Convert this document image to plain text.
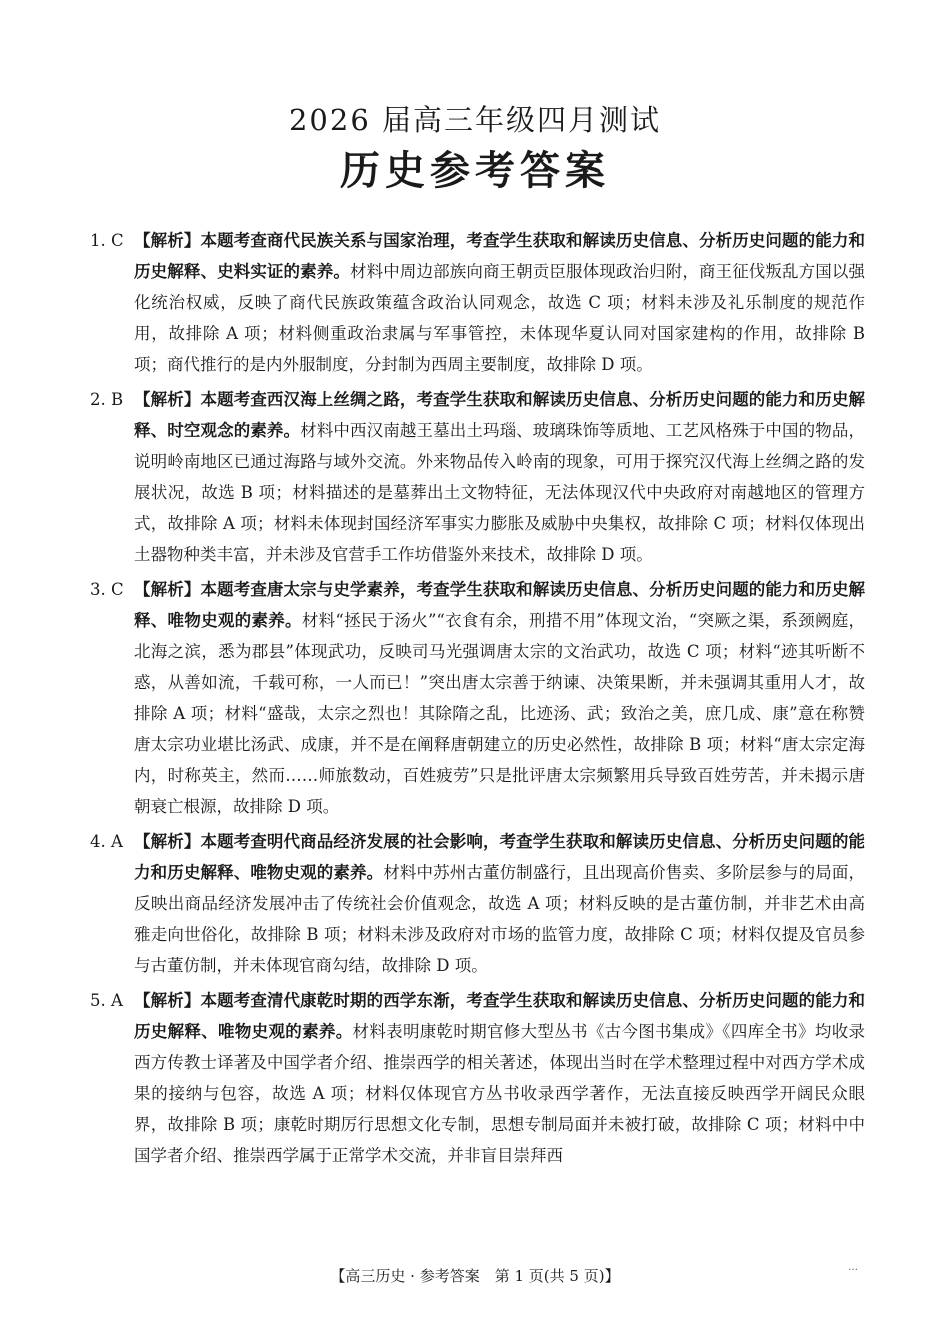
2026 届高三年级四月测试
历史参考答案
1. C 【解析】本题考查商代民族关系与国家治理，考查学生获取和解读历史信息、分析历史问题的能力和历史解释、史料实证的素养。材料中周边部族向商王朝贡臣服体现政治归附，商王征伐叛乱方国以强化统治权威，反映了商代民族政策蕴含政治认同观念，故选 C 项；材料未涉及礼乐制度的规范作用，故排除 A 项；材料侧重政治隶属与军事管控，未体现华夏认同对国家建构的作用，故排除 B 项；商代推行的是内外服制度，分封制为西周主要制度，故排除 D 项。
2. B 【解析】本题考查西汉海上丝绸之路，考查学生获取和解读历史信息、分析历史问题的能力和历史解释、时空观念的素养。材料中西汉南越王墓出土玛瑙、玻璃珠饰等质地、工艺风格殊于中国的物品，说明岭南地区已通过海路与域外交流。外来物品传入岭南的现象，可用于探究汉代海上丝绸之路的发展状况，故选 B 项；材料描述的是墓葬出土文物特征，无法体现汉代中央政府对南越地区的管理方式，故排除 A 项；材料未体现封国经济军事实力膨胀及威胁中央集权，故排除 C 项；材料仅体现出土器物种类丰富，并未涉及官营手工作坊借鉴外来技术，故排除 D 项。
3. C 【解析】本题考查唐太宗与史学素养，考查学生获取和解读历史信息、分析历史问题的能力和历史解释、唯物史观的素养。材料“拯民于汤火”“衣食有余，刑措不用”体现文治，“突厥之渠，系颈阙庭，北海之滨，悉为郡县”体现武功，反映司马光强调唐太宗的文治武功，故选 C 项；材料“迹其听断不惑，从善如流，千载可称，一人而已！”突出唐太宗善于纳谏、决策果断，并未强调其重用人才，故排除 A 项；材料“盛哉，太宗之烈也！其除隋之乱，比迹汤、武；致治之美，庶几成、康”意在称赞唐太宗功业堪比汤武、成康，并不是在阐释唐朝建立的历史必然性，故排除 B 项；材料“唐太宗定海内，时称英主，然而……师旅数动，百姓疲劳”只是批评唐太宗频繁用兵导致百姓劳苦，并未揭示唐朝衰亡根源，故排除 D 项。
4. A 【解析】本题考查明代商品经济发展的社会影响，考查学生获取和解读历史信息、分析历史问题的能力和历史解释、唯物史观的素养。材料中苏州古董仿制盛行，且出现高价售卖、多阶层参与的局面，反映出商品经济发展冲击了传统社会价值观念，故选 A 项；材料反映的是古董仿制，并非艺术由高雅走向世俗化，故排除 B 项；材料未涉及政府对市场的监管力度，故排除 C 项；材料仅提及官员参与古董仿制，并未体现官商勾结，故排除 D 项。
5. A 【解析】本题考查清代康乾时期的西学东渐，考查学生获取和解读历史信息、分析历史问题的能力和历史解释、唯物史观的素养。材料表明康乾时期官修大型丛书《古今图书集成》《四库全书》均收录西方传教士译著及中国学者介绍、推崇西学的相关著述，体现出当时在学术整理过程中对西方学术成果的接纳与包容，故选 A 项；材料仅体现官方丛书收录西学著作，无法直接反映西学开阔民众眼界，故排除 B 项；康乾时期厉行思想文化专制，思想专制局面并未被打破，故排除 C 项；材料中中国学者介绍、推崇西学属于正常学术交流，并非盲目崇拜西
【高三历史 · 参考答案　第 1 页(共 5 页)】	…
